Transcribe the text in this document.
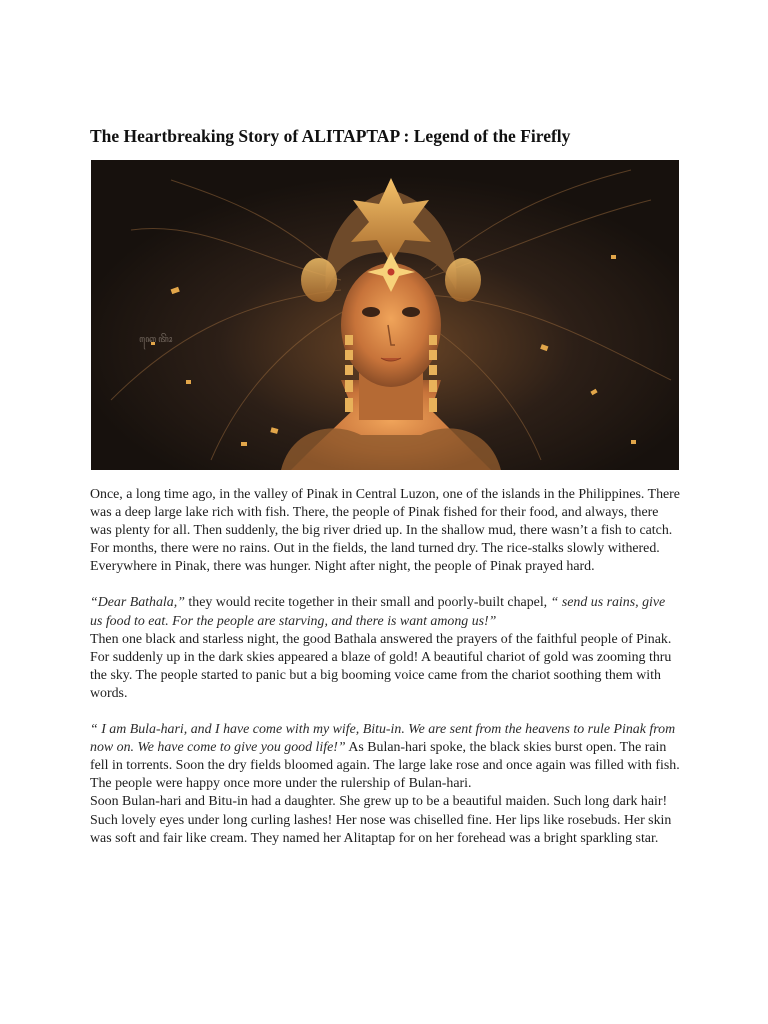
The Heartbreaking Story of ALITAPTAP : Legend of the Firefly
ꦏꦺꦠꦼꦴ

Once, a long time ago, in the valley of Pinak in Central Luzon, one of the islands in the Philippines. There was a deep large lake rich with fish. There, the people of Pinak fished for their food, and always, there was plenty for all. Then suddenly, the big river dried up. In the shallow mud, there wasn’t a fish to catch. For months, there were no rains. Out in the fields, the land turned dry. The rice-stalks slowly withered. Everywhere in Pinak, there was hunger. Night after night, the people of Pinak prayed hard.

“Dear Bathala,” they would recite together in their small and poorly-built chapel, “ send us rains, give us food to eat. For the people are starving, and there is want among us!”

Then one black and starless night, the good Bathala answered the prayers of the faithful people of Pinak. For suddenly up in the dark skies appeared a blaze of gold! A beautiful chariot of gold was zooming thru the sky. The people started to panic but a big booming voice came from the chariot soothing them with words.

“ I am Bula-hari, and I have come with my wife, Bitu-in. We are sent from the heavens to rule Pinak from now on. We have come to give you good life!” As Bulan-hari spoke, the black skies burst open. The rain fell in torrents. Soon the dry fields bloomed again. The large lake rose and once again was filled with fish. The people were happy once more under the rulership of Bulan-hari.

Soon Bulan-hari and Bitu-in had a daughter. She grew up to be a beautiful maiden. Such long dark hair! Such lovely eyes under long curling lashes! Her nose was chiselled fine. Her lips like rosebuds. Her skin was soft and fair like cream. They named her Alitaptap for on her forehead was a bright sparkling star.
